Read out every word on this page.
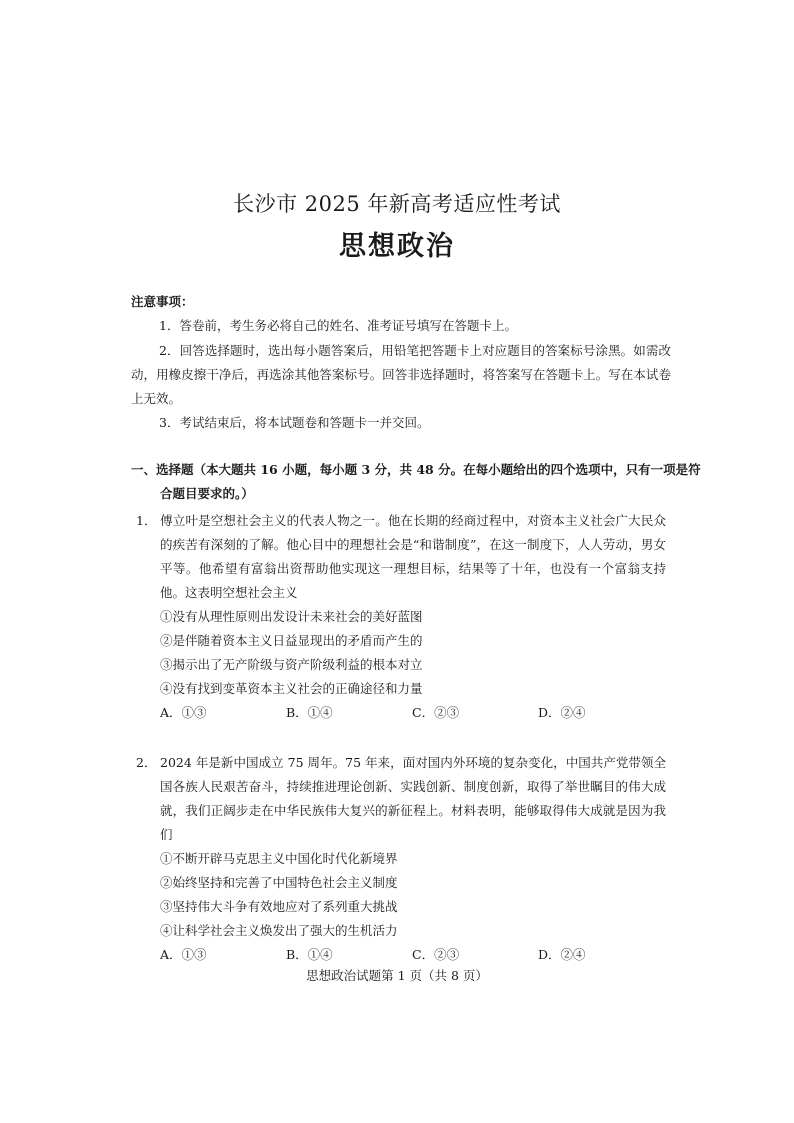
长沙市 2025 年新高考适应性考试
思想政治
注意事项：
1．答卷前，考生务必将自己的姓名、准考证号填写在答题卡上。
2．回答选择题时，选出每小题答案后，用铅笔把答题卡上对应题目的答案标号涂黑。如需改动，用橡皮擦干净后，再选涂其他答案标号。回答非选择题时，将答案写在答题卡上。写在本试卷上无效。
3．考试结束后，将本试题卷和答题卡一并交回。
一、选择题（本大题共 16 小题，每小题 3 分，共 48 分。在每小题给出的四个选项中，只有一项是符合题目要求的。）
1． 傅立叶是空想社会主义的代表人物之一。他在长期的经商过程中，对资本主义社会广大民众的疾苦有深刻的了解。他心目中的理想社会是“和谐制度”，在这一制度下，人人劳动，男女平等。他希望有富翁出资帮助他实现这一理想目标，结果等了十年，也没有一个富翁支持他。这表明空想社会主义
①没有从理性原则出发设计未来社会的美好蓝图
②是伴随着资本主义日益显现出的矛盾而产生的
③揭示出了无产阶级与资产阶级利益的根本对立
④没有找到变革资本主义社会的正确途径和力量
A．①③	B．①④	C．②③	D．②④
2． 2024 年是新中国成立 75 周年。75 年来，面对国内外环境的复杂变化，中国共产党带领全国各族人民艰苦奋斗，持续推进理论创新、实践创新、制度创新，取得了举世瞩目的伟大成就，我们正阔步走在中华民族伟大复兴的新征程上。材料表明，能够取得伟大成就是因为我们
①不断开辟马克思主义中国化时代化新境界
②始终坚持和完善了中国特色社会主义制度
③坚持伟大斗争有效地应对了系列重大挑战
④让科学社会主义焕发出了强大的生机活力
A．①③	B．①④	C．②③	D．②④
思想政治试题第 1 页（共 8 页）
